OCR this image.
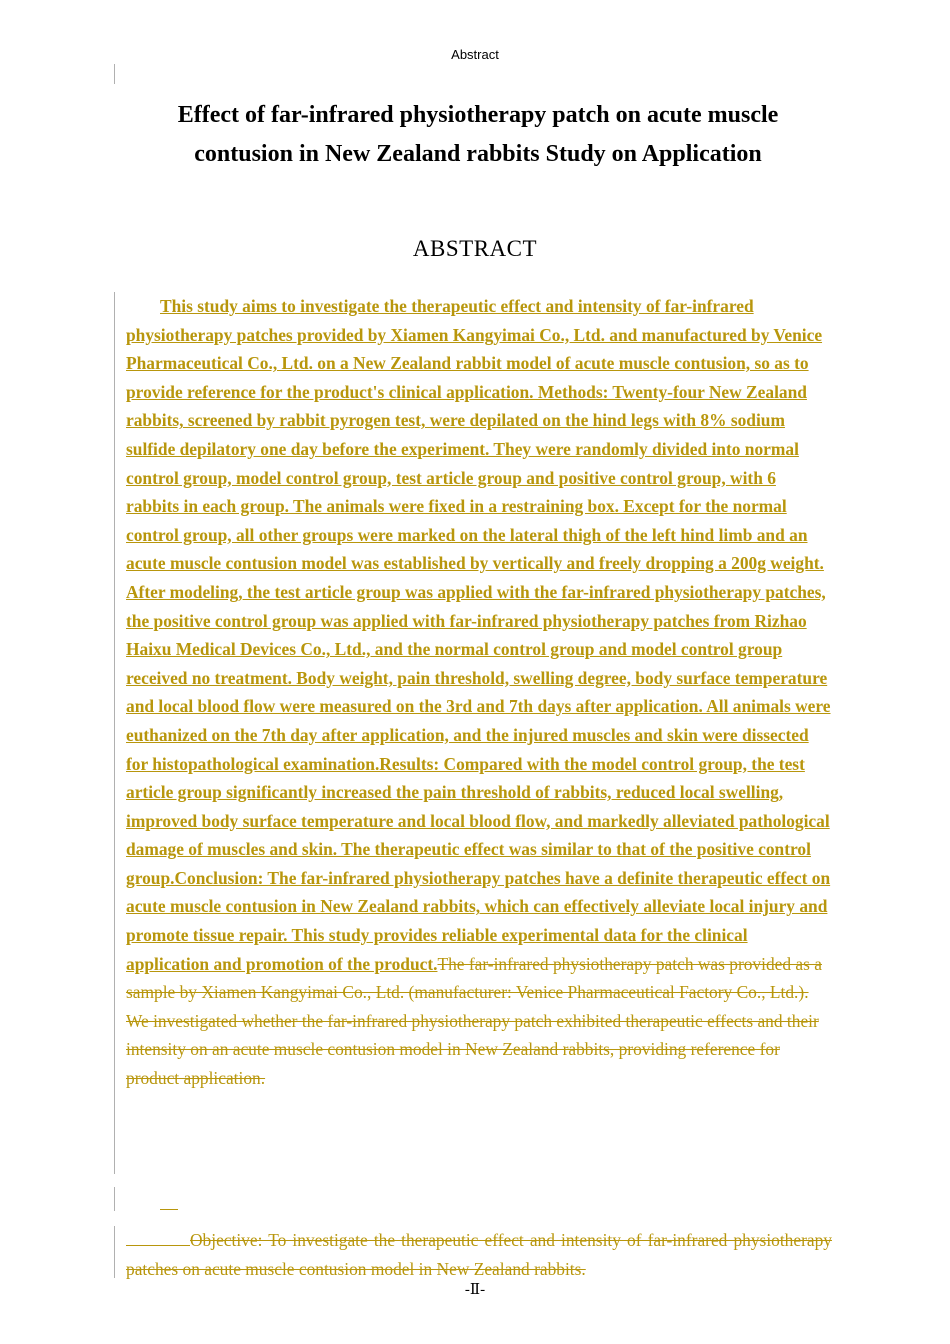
Abstract
Effect of far-infrared physiotherapy patch on acute muscle
contusion in New Zealand rabbits Study on Application
ABSTRACT
This study aims to investigate the therapeutic effect and intensity of far-infrared physiotherapy patches provided by Xiamen Kangyimai Co., Ltd. and manufactured by Venice Pharmaceutical Co., Ltd. on a New Zealand rabbit model of acute muscle contusion, so as to provide reference for the product's clinical application. Methods: Twenty-four New Zealand rabbits, screened by rabbit pyrogen test, were depilated on the hind legs with 8% sodium sulfide depilatory one day before the experiment. They were randomly divided into normal control group, model control group, test article group and positive control group, with 6 rabbits in each group. The animals were fixed in a restraining box. Except for the normal control group, all other groups were marked on the lateral thigh of the left hind limb and an acute muscle contusion model was established by vertically and freely dropping a 200g weight. After modeling, the test article group was applied with the far-infrared physiotherapy patches, the positive control group was applied with far-infrared physiotherapy patches from Rizhao Haixu Medical Devices Co., Ltd., and the normal control group and model control group received no treatment. Body weight, pain threshold, swelling degree, body surface temperature and local blood flow were measured on the 3rd and 7th days after application. All animals were euthanized on the 7th day after application, and the injured muscles and skin were dissected for histopathological examination.Results: Compared with the model control group, the test article group significantly increased the pain threshold of rabbits, reduced local swelling, improved body surface temperature and local blood flow, and markedly alleviated pathological damage of muscles and skin. The therapeutic effect was similar to that of the positive control group.Conclusion: The far-infrared physiotherapy patches have a definite therapeutic effect on acute muscle contusion in New Zealand rabbits, which can effectively alleviate local injury and promote tissue repair. This study provides reliable experimental data for the clinical application and promotion of the product.The far-infrared physiotherapy patch was provided as a sample by Xiamen Kangyimai Co., Ltd. (manufacturer: Venice Pharmaceutical Factory Co., Ltd.). We investigated whether the far-infrared physiotherapy patch exhibited therapeutic effects and their intensity on an acute muscle contusion model in New Zealand rabbits, providing reference for product application.
Objective: To investigate the therapeutic effect and intensity of far-infrared physiotherapy patches on acute muscle contusion model in New Zealand rabbits.
-Ⅱ-
